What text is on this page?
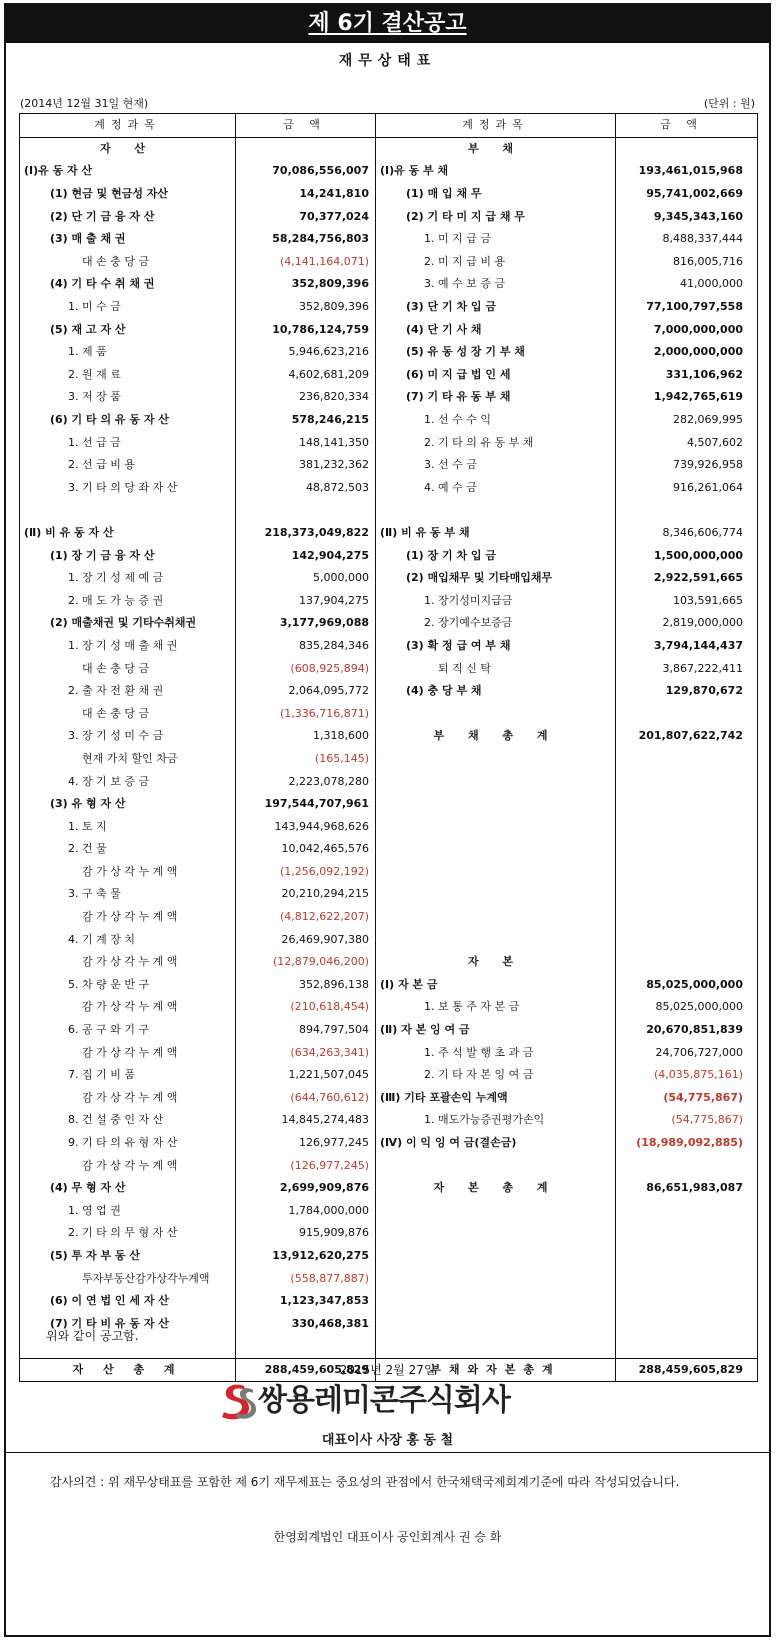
제 6기 결산공고
재무상태표
(2014년 12월 31일 현재)	(단위 : 원)
계정과목	금 액	계정과목	금 액
자 산		부 채	
(Ⅰ)유 동 자 산	70,086,556,007	(Ⅰ)유 동 부 채	193,461,015,968
(1) 현금 및 현금성 자산	14,241,810	(1) 매 입 채 무	95,741,002,669
(2) 단 기 금 융 자 산	70,377,024	(2) 기 타 미 지 급 채 무	9,345,343,160
(3) 매 출 채 권	58,284,756,803	1. 미 지 급 금	8,488,337,444
대 손 충 당 금	(4,141,164,071)	2. 미 지 급 비 용	816,005,716
(4) 기 타 수 취 채 권	352,809,396	3. 예 수 보 증 금	41,000,000
1. 미 수 금	352,809,396	(3) 단 기 차 입 금	77,100,797,558
(5) 재 고 자 산	10,786,124,759	(4) 단 기 사 채	7,000,000,000
1. 제 품	5,946,623,216	(5) 유 동 성 장 기 부 채	2,000,000,000
2. 원 재 료	4,602,681,209	(6) 미 지 급 법 인 세	331,106,962
3. 저 장 품	236,820,334	(7) 기 타 유 동 부 채	1,942,765,619
(6) 기 타 의 유 동 자 산	578,246,215	1. 선 수 수 익	282,069,995
1. 선 급 금	148,141,350	2. 기 타 의 유 동 부 채	4,507,602
2. 선 급 비 용	381,232,362	3. 선 수 금	739,926,958
3. 기 타 의 당 좌 자 산	48,872,503	4. 예 수 금	916,261,064

(Ⅱ) 비 유 동 자 산	218,373,049,822	(Ⅱ) 비 유 동 부 채	8,346,606,774
(1) 장 기 금 융 자 산	142,904,275	(1) 장 기 차 입 금	1,500,000,000
1. 장 기 성 제 예 금	5,000,000	(2) 매입채무 및 기타매입채무	2,922,591,665
2. 매 도 가 능 증 권	137,904,275	1. 장기성미지급금	103,591,665
(2) 매출채권 및 기타수취채권	3,177,969,088	2. 장기예수보증금	2,819,000,000
1. 장 기 성 매 출 채 권	835,284,346	(3) 확 정 급 여 부 채	3,794,144,437
대 손 충 당 금	(608,925,894)	퇴 직 신 탁	3,867,222,411
2. 출 자 전 환 채 권	2,064,095,772	(4) 충 당 부 채	129,870,672
대 손 충 당 금	(1,336,716,871)		
3. 장 기 성 미 수 금	1,318,600	부 채 총 계	201,807,622,742
현재 가치 할인 차금	(165,145)		
4. 장 기 보 증 금	2,223,078,280		
(3) 유 형 자 산	197,544,707,961		
1. 토 지	143,944,968,626		
2. 건 물	10,042,465,576		
감 가 상 각 누 계 액	(1,256,092,192)		
3. 구 축 물	20,210,294,215		
감 가 상 각 누 계 액	(4,812,622,207)		
4. 기 계 장 치	26,469,907,380		
감 가 상 각 누 계 액	(12,879,046,200)	자 본	
5. 차 량 운 반 구	352,896,138	(Ⅰ) 자 본 금	85,025,000,000
감 가 상 각 누 계 액	(210,618,454)	1. 보 통 주 자 본 금	85,025,000,000
6. 공 구 와 기 구	894,797,504	(Ⅱ) 자 본 잉 여 금	20,670,851,839
감 가 상 각 누 계 액	(634,263,341)	1. 주 식 발 행 초 과 금	24,706,727,000
7. 집 기 비 품	1,221,507,045	2. 기 타 자 본 잉 여 금	(4,035,875,161)
감 가 상 각 누 계 액	(644,760,612)	(Ⅲ) 기타 포괄손익 누계액	(54,775,867)
8. 건 설 중 인 자 산	14,845,274,483	1. 매도가능증권평가손익	(54,775,867)
9. 기 타 의 유 형 자 산	126,977,245	(Ⅳ) 이 익 잉 여 금(결손금)	(18,989,092,885)
감 가 상 각 누 계 액	(126,977,245)		
(4) 무 형 자 산	2,699,909,876	자 본 총 계	86,651,983,087
1. 영 업 권	1,784,000,000		
2. 기 타 의 무 형 자 산	915,909,876		
(5) 투 자 부 동 산	13,912,620,275		
투자부동산감가상각누계액	(558,877,887)		
(6) 이 연 법 인 세 자 산	1,123,347,853		
(7) 기 타 비 유 동 자 산	330,468,381		

자 산 총 계	288,459,605,829	부채와자본총계	288,459,605,829
위와 같이 공고함.
2015년 2월 27일
쌍용레미콘주식회사
대표이사 사장 홍 동 철
감사의견 : 위 재무상태표를 포함한 제 6기 재무제표는 중요성의 관점에서 한국채택국제회계기준에 따라 작성되었습니다.
한영회계법인 대표이사 공인회계사 권 승 화
